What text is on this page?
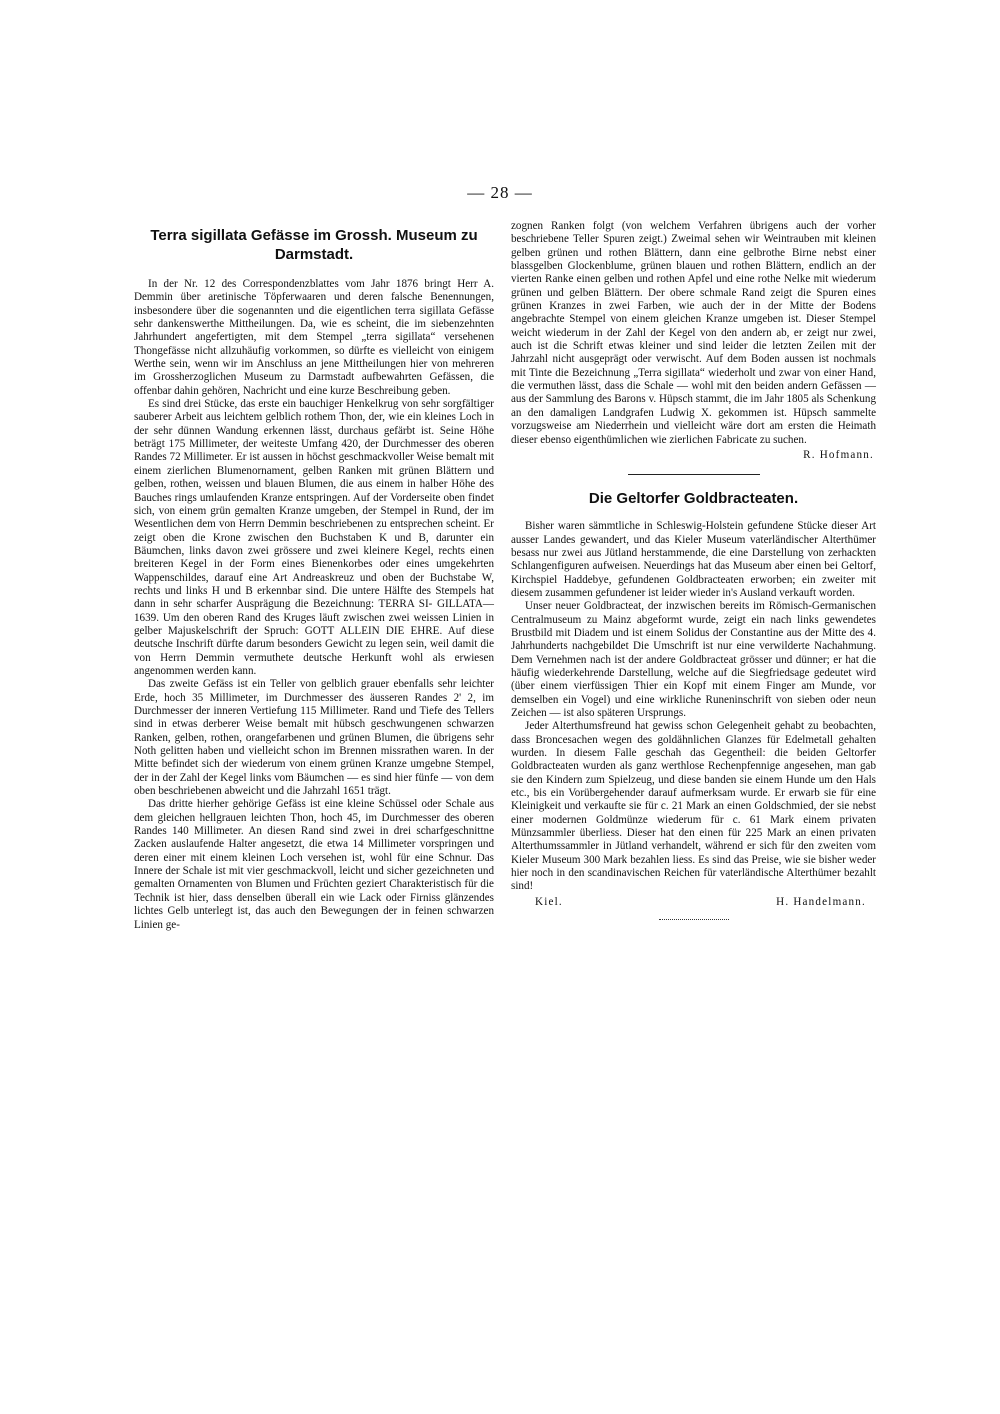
— 28 —
Terra sigillata Gefässe im Grossh. Museum zu Darmstadt.

In der Nr. 12 des Correspondenzblattes vom Jahr 1876 bringt Herr A. Demmin über aretinische Töpferwaaren und deren falsche Benennungen, insbesondere über die sogenannten und die eigentlichen terra sigillata Gefässe sehr dankenswerthe Mittheilungen. Da, wie es scheint, die im siebenzehnten Jahrhundert angefertigten, mit dem Stempel „terra sigillata“ versehenen Thongefässe nicht allzuhäufig vorkommen, so dürfte es vielleicht von einigem Werthe sein, wenn wir im Anschluss an jene Mittheilungen hier von mehreren im Grossherzoglichen Museum zu Darmstadt aufbewahrten Gefässen, die offenbar dahin gehören, Nachricht und eine kurze Beschreibung geben.

Es sind drei Stücke, das erste ein bauchiger Henkelkrug von sehr sorgfältiger sauberer Arbeit aus leichtem gelblich rothem Thon, der, wie ein kleines Loch in der sehr dünnen Wandung erkennen lässt, durchaus gefärbt ist. Seine Höhe beträgt 175 Millimeter, der weiteste Umfang 420, der Durchmesser des oberen Randes 72 Millimeter. Er ist aussen in höchst geschmackvoller Weise bemalt mit einem zierlichen Blumenornament, gelben Ranken mit grünen Blättern und gelben, rothen, weissen und blauen Blumen, die aus einem in halber Höhe des Bauches rings umlaufenden Kranze entspringen. Auf der Vorderseite oben findet sich, von einem grün gemalten Kranze umgeben, der Stempel in Rund, der im Wesentlichen dem von Herrn Demmin beschriebenen zu entsprechen scheint. Er zeigt oben die Krone zwischen den Buchstaben K und B, darunter ein Bäumchen, links davon zwei grössere und zwei kleinere Kegel, rechts einen breiteren Kegel in der Form eines Bienenkorbes oder eines umgekehrten Wappenschildes, darauf eine Art Andreaskreuz und oben der Buchstabe W, rechts und links H und B erkennbar sind. Die untere Hälfte des Stempels hat dann in sehr scharfer Ausprägung die Bezeichnung: TERRA SI- GILLATA— 1639. Um den oberen Rand des Kruges läuft zwischen zwei weissen Linien in gelber Majuskelschrift der Spruch: GOTT ALLEIN DIE EHRE. Auf diese deutsche Inschrift dürfte darum besonders Gewicht zu legen sein, weil damit die von Herrn Demmin vermuthete deutsche Herkunft wohl als erwiesen angenommen werden kann.

Das zweite Gefäss ist ein Teller von gelblich grauer ebenfalls sehr leichter Erde, hoch 35 Millimeter, im Durchmesser des äusseren Randes 2' 2, im Durchmesser der inneren Vertiefung 115 Millimeter. Rand und Tiefe des Tellers sind in etwas derberer Weise bemalt mit hübsch geschwungenen schwarzen Ranken, gelben, rothen, orangefarbenen und grünen Blumen, die übrigens sehr Noth gelitten haben und vielleicht schon im Brennen missrathen waren. In der Mitte befindet sich der wiederum von einem grünen Kranze umgebne Stempel, der in der Zahl der Kegel links vom Bäumchen — es sind hier fünfe — von dem oben beschriebenen abweicht und die Jahrzahl 1651 trägt.

Das dritte hierher gehörige Gefäss ist eine kleine Schüssel oder Schale aus dem gleichen hellgrauen leichten Thon, hoch 45, im Durchmesser des oberen Randes 140 Millimeter. An diesen Rand sind zwei in drei scharfgeschnittne Zacken auslaufende Halter angesetzt, die etwa 14 Millimeter vorspringen und deren einer mit einem kleinen Loch versehen ist, wohl für eine Schnur. Das Innere der Schale ist mit vier geschmackvoll, leicht und sicher gezeichneten und gemalten Ornamenten von Blumen und Früchten geziert Charakteristisch für die Technik ist hier, dass denselben überall ein wie Lack oder Firniss glänzendes lichtes Gelb unterlegt ist, das auch den Bewegungen der in feinen schwarzen Linien ge-

zognen Ranken folgt (von welchem Verfahren übrigens auch der vorher beschriebene Teller Spuren zeigt.) Zweimal sehen wir Weintrauben mit kleinen gelben grünen und rothen Blättern, dann eine gelbrothe Birne nebst einer blassgelben Glockenblume, grünen blauen und rothen Blättern, endlich an der vierten Ranke einen gelben und rothen Apfel und eine rothe Nelke mit wiederum grünen und gelben Blättern. Der obere schmale Rand zeigt die Spuren eines grünen Kranzes in zwei Farben, wie auch der in der Mitte der Bodens angebrachte Stempel von einem gleichen Kranze umgeben ist. Dieser Stempel weicht wiederum in der Zahl der Kegel von den andern ab, er zeigt nur zwei, auch ist die Schrift etwas kleiner und sind leider die letzten Zeilen mit der Jahrzahl nicht ausgeprägt oder verwischt. Auf dem Boden aussen ist nochmals mit Tinte die Bezeichnung „Terra sigillata“ wiederholt und zwar von einer Hand, die vermuthen lässt, dass die Schale — wohl mit den beiden andern Gefässen — aus der Sammlung des Barons v. Hüpsch stammt, die im Jahr 1805 als Schenkung an den damaligen Landgrafen Ludwig X. gekommen ist. Hüpsch sammelte vorzugsweise am Niederrhein und vielleicht wäre dort am ersten die Heimath dieser ebenso eigenthümlichen wie zierlichen Fabricate zu suchen.

R. Hofmann.
Die Geltorfer Goldbracteaten.

Bisher waren sämmtliche in Schleswig-Holstein gefundene Stücke dieser Art ausser Landes gewandert, und das Kieler Museum vaterländischer Alterthümer besass nur zwei aus Jütland herstammende, die eine Darstellung von zerhackten Schlangenfiguren aufweisen. Neuerdings hat das Museum aber einen bei Geltorf, Kirchspiel Haddebye, gefundenen Goldbracteaten erworben; ein zweiter mit diesem zusammen gefundener ist leider wieder in's Ausland verkauft worden.

Unser neuer Goldbracteat, der inzwischen bereits im Römisch-Germanischen Centralmuseum zu Mainz abgeformt wurde, zeigt ein nach links gewendetes Brustbild mit Diadem und ist einem Solidus der Constantine aus der Mitte des 4. Jahrhunderts nachgebildet Die Umschrift ist nur eine verwilderte Nachahmung. Dem Vernehmen nach ist der andere Goldbracteat grösser und dünner; er hat die häufig wiederkehrende Darstellung, welche auf die Siegfriedsage gedeutet wird (über einem vierfüssigen Thier ein Kopf mit einem Finger am Munde, vor demselben ein Vogel) und eine wirkliche Runeninschrift von sieben oder neun Zeichen — ist also späteren Ursprungs.

Jeder Alterthumsfreund hat gewiss schon Gelegenheit gehabt zu beobachten, dass Broncesachen wegen des goldähnlichen Glanzes für Edelmetall gehalten wurden. In diesem Falle geschah das Gegentheil: die beiden Geltorfer Goldbracteaten wurden als ganz werthlose Rechenpfennige angesehen, man gab sie den Kindern zum Spielzeug, und diese banden sie einem Hunde um den Hals etc., bis ein Vorübergehender darauf aufmerksam wurde. Er erwarb sie für eine Kleinigkeit und verkaufte sie für c. 21 Mark an einen Goldschmied, der sie nebst einer modernen Goldmünze wiederum für c. 61 Mark einem privaten Münzsammler überliess. Dieser hat den einen für 225 Mark an einen privaten Alterthumssammler in Jütland verhandelt, während er sich für den zweiten vom Kieler Museum 300 Mark bezahlen liess. Es sind das Preise, wie sie bisher weder hier noch in den scandinavischen Reichen für vaterländische Alterthümer bezahlt sind!

Kiel.	H. Handelmann.
